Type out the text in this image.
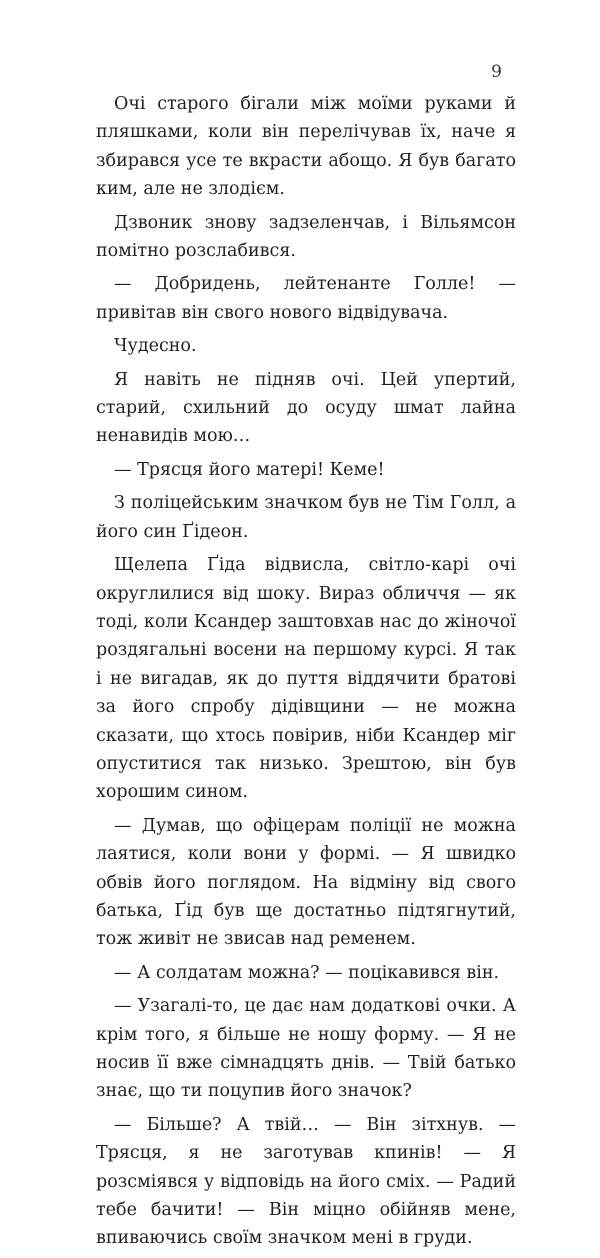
9

Очі старого бігали між моїми руками й пляшками, коли він перелічував їх, наче я збирався усе те вкрасти абощо. Я був багато ким, але не злодієм.

Дзвоник знову задзеленчав, і Вільямсон помітно розслабився.

— Добридень, лейтенанте Голле! — привітав він свого нового відвідувача.

Чудесно.

Я навіть не підняв очі. Цей упертий, старий, схильний до осуду шмат лайна ненавидів мою…

— Трясця його матері! Кеме!

З поліцейським значком був не Тім Голл, а його син Ґідеон.

Щелепа Ґіда відвисла, світло-карі очі округлилися від шоку. Вираз обличчя — як тоді, коли Ксандер заштовхав нас до жіночої роздягальні восени на першому курсі. Я так і не вигадав, як до пуття віддячити братові за його спробу дідівщини — не можна сказати, що хтось повірив, ніби Ксандер міг опуститися так низько. Зрештою, він був хорошим сином.

— Думав, що офіцерам поліції не можна лаятися, коли вони у формі. — Я швидко обвів його поглядом. На відміну від свого батька, Ґід був ще достатньо підтягнутий, тож живіт не звисав над ременем.

— А солдатам можна? — поцікавився він.

— Узагалі-то, це дає нам додаткові очки. А крім того, я більше не ношу форму. — Я не носив її вже сімнадцять днів. — Твій батько знає, що ти поцупив його значок?

— Більше? А твій… — Він зітхнув. — Трясця, я не заготував кпинів! — Я розсміявся у відповідь на його сміх. — Радий тебе бачити! — Він міцно обійняв мене, впиваючись своїм значком мені в груди.
